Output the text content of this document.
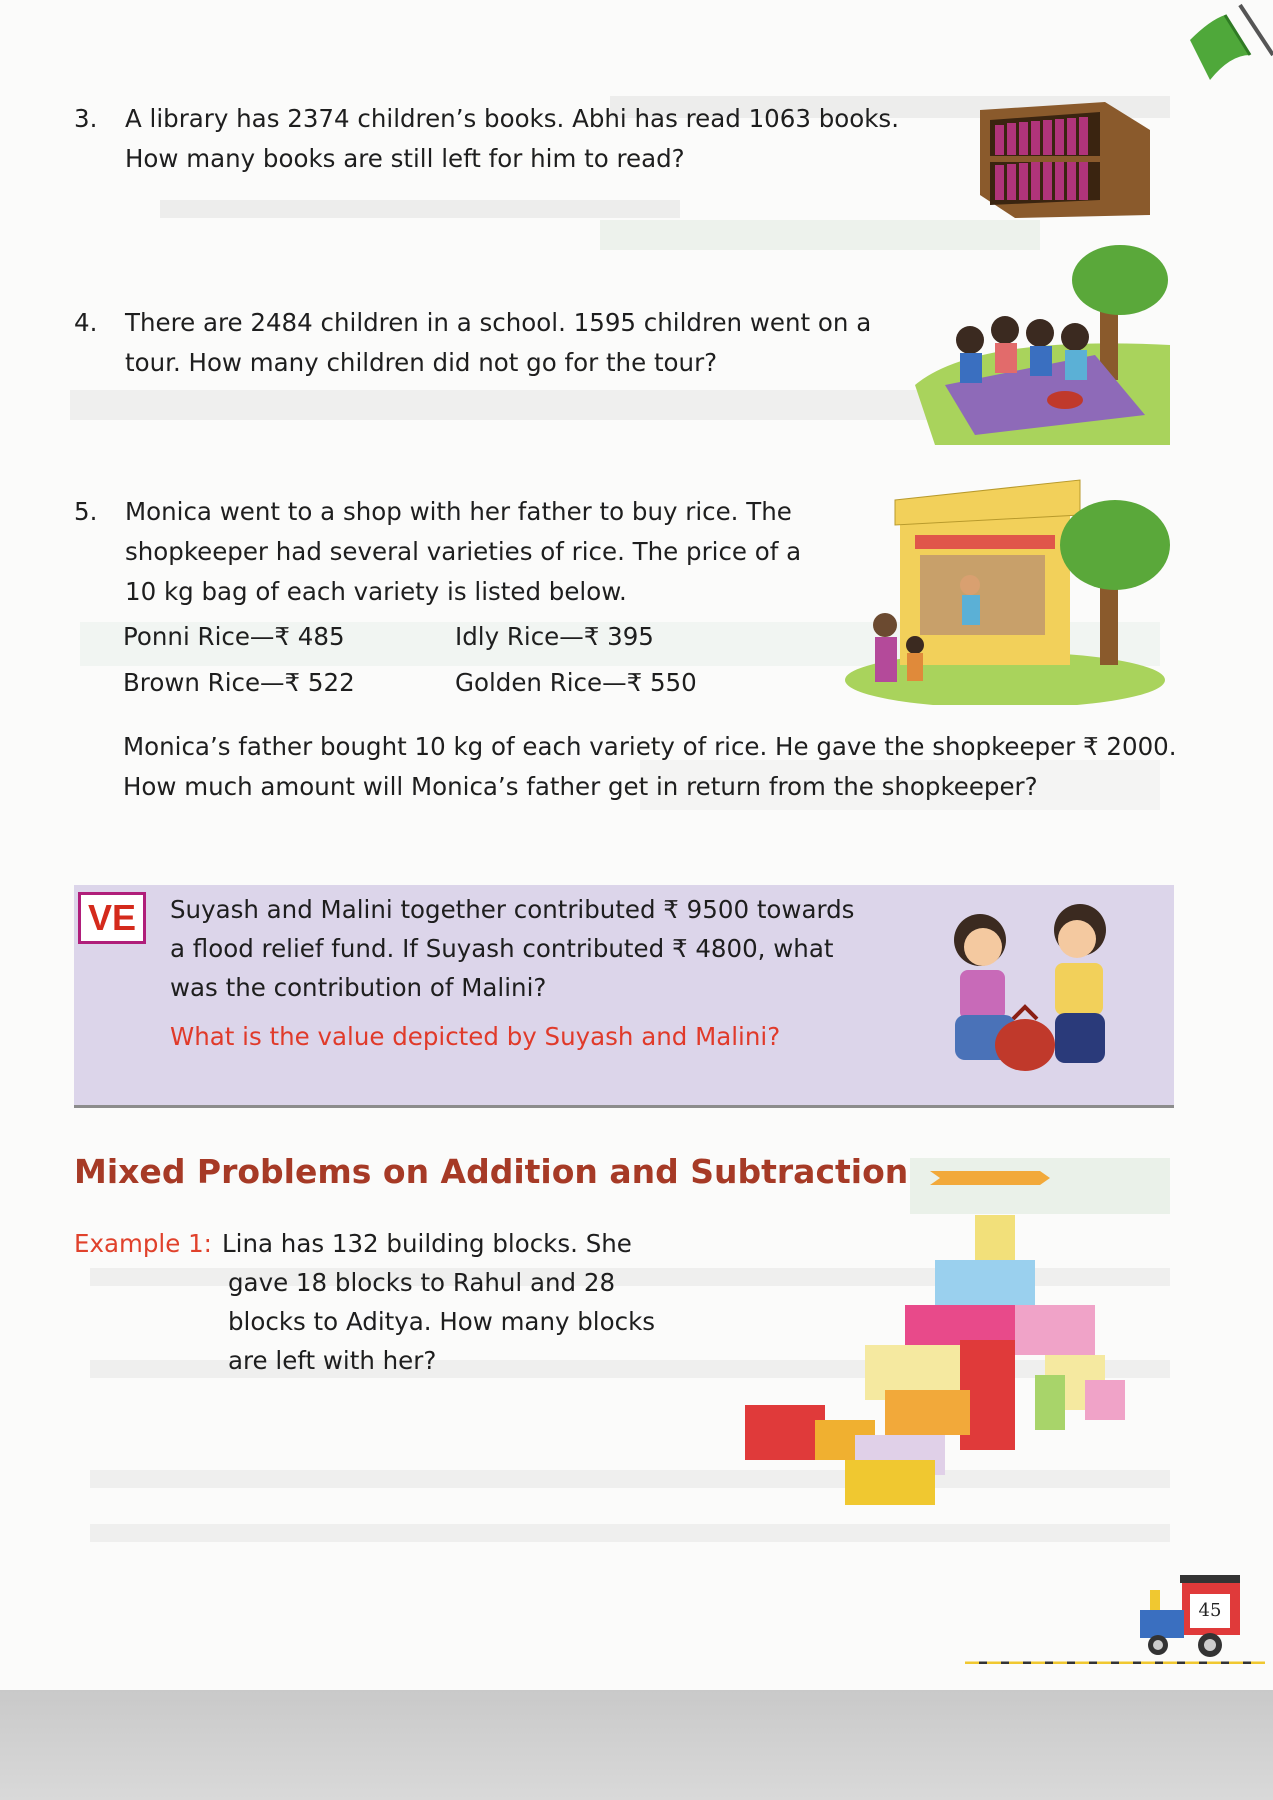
3. A library has 2374 children’s books. Abhi has read 1063 books.
How many books are still left for him to read?
4. There are 2484 children in a school. 1595 children went on a
tour. How many children did not go for the tour?
5. Monica went to a shop with her father to buy rice. The
shopkeeper had several varieties of rice. The price of a
10 kg bag of each variety is listed below.
Ponni Rice—₹ 485	Idly Rice—₹ 395
Brown Rice—₹ 522	Golden Rice—₹ 550
Monica’s father bought 10 kg of each variety of rice. He gave the shopkeeper ₹ 2000.
How much amount will Monica’s father get in return from the shopkeeper?
VE	Suyash and Malini together contributed ₹ 9500 towards
a flood relief fund. If Suyash contributed ₹ 4800, what
was the contribution of Malini?
What is the value depicted by Suyash and Malini?
Mixed Problems on Addition and Subtraction
Example 1: Lina has 132 building blocks. She
gave 18 blocks to Rahul and 28
blocks to Aditya. How many blocks
are left with her?
45
